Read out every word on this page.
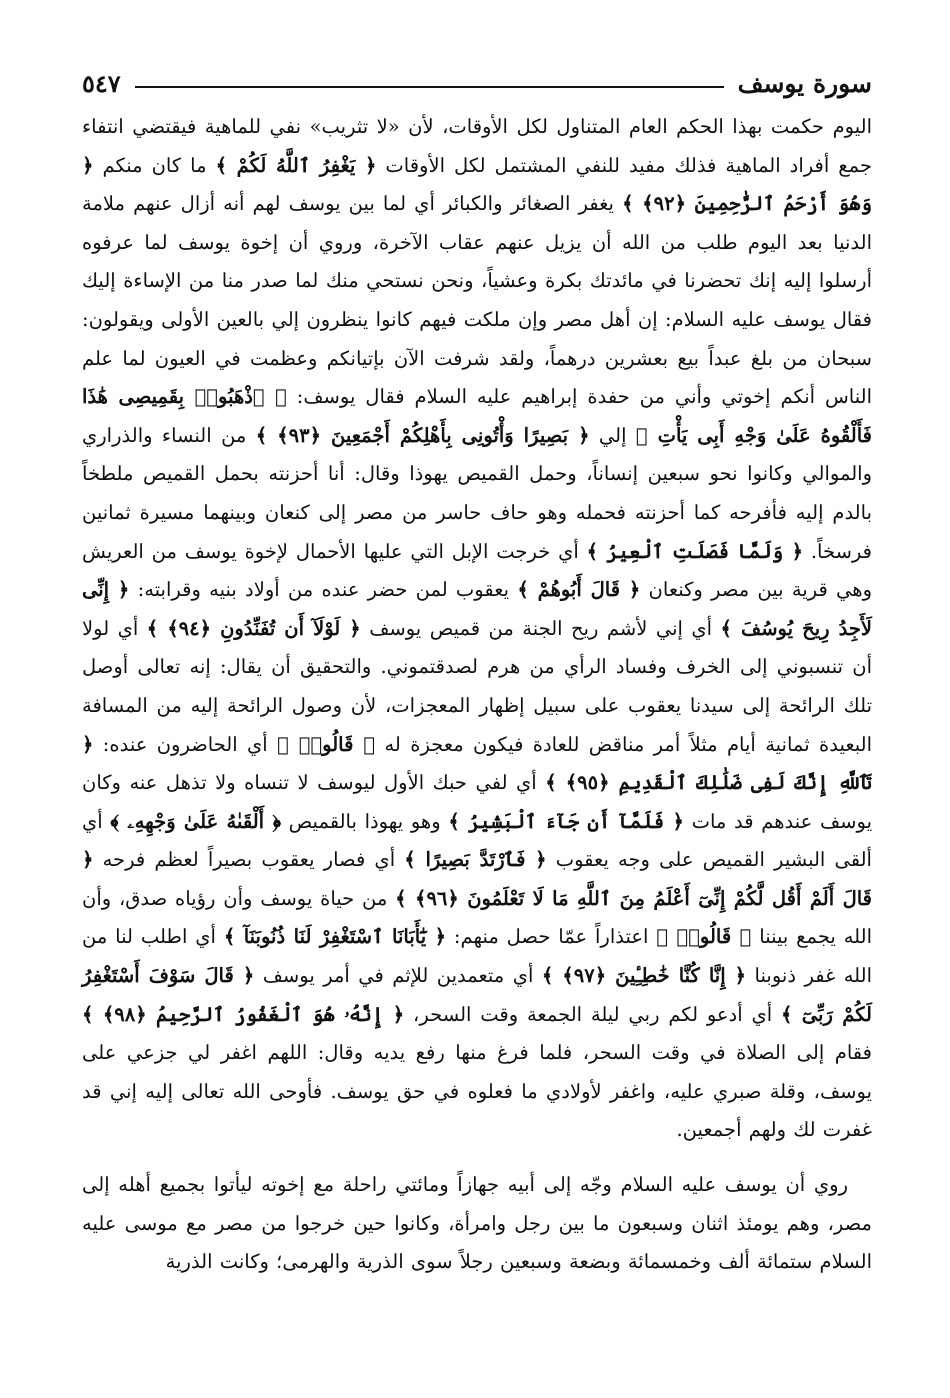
سورة يوسف
٥٤٧

اليوم حكمت بهذا الحكم العام المتناول لكل الأوقات، لأن «لا تثريب» نفي للماهية فيقتضي انتفاء جمع أفراد الماهية فذلك مفيد للنفي المشتمل لكل الأوقات ﴿ يَغْفِرُ ٱللَّهُ لَكُمْ ﴾ ما كان منكم ﴿ وَهُوَ أَرْحَمُ ٱلرَّٰحِمِينَ ﴿٩٢﴾ ﴾ يغفر الصغائر والكبائر أي لما بين يوسف لهم أنه أزال عنهم ملامة الدنيا بعد اليوم طلب من الله أن يزيل عنهم عقاب الآخرة، وروي أن إخوة يوسف لما عرفوه أرسلوا إليه إنك تحضرنا في مائدتك بكرة وعشياً، ونحن نستحي منك لما صدر منا من الإساءة إليك فقال يوسف عليه السلام: إن أهل مصر وإن ملكت فيهم كانوا ينظرون إلي بالعين الأولى ويقولون: سبحان من بلغ عبداً بيع بعشرين درهماً، ولقد شرفت الآن بإتيانكم وعظمت في العيون لما علم الناس أنكم إخوتي وأني من حفدة إبراهيم عليه السلام فقال يوسف: ﴿ ٱذْهَبُوا۟ بِقَمِيصِى هَٰذَا فَأَلْقُوهُ عَلَىٰ وَجْهِ أَبِى يَأْتِ ﴾ إلي ﴿ بَصِيرًا وَأْتُونِى بِأَهْلِكُمْ أَجْمَعِينَ ﴿٩٣﴾ ﴾ من النساء والذراري والموالي وكانوا نحو سبعين إنساناً، وحمل القميص يهوذا وقال: أنا أحزنته بحمل القميص ملطخاً بالدم إليه فأفرحه كما أحزنته فحمله وهو حاف حاسر من مصر إلى كنعان وبينهما مسيرة ثمانين فرسخاً. ﴿ وَلَمَّا فَصَلَتِ ٱلْعِيرُ ﴾ أي خرجت الإبل التي عليها الأحمال لإخوة يوسف من العريش وهي قرية بين مصر وكنعان ﴿ قَالَ أَبُوهُمْ ﴾ يعقوب لمن حضر عنده من أولاد بنيه وقرابته: ﴿ إِنِّى لَأَجِدُ رِيحَ يُوسُفَ ﴾ أي إني لأشم ريح الجنة من قميص يوسف ﴿ لَوْلَآ أَن تُفَنِّدُونِ ﴿٩٤﴾ ﴾ أي لولا أن تنسبوني إلى الخرف وفساد الرأي من هرم لصدقتموني. والتحقيق أن يقال: إنه تعالى أوصل تلك الرائحة إلى سيدنا يعقوب على سبيل إظهار المعجزات، لأن وصول الرائحة إليه من المسافة البعيدة ثمانية أيام مثلاً أمر مناقض للعادة فيكون معجزة له ﴿ قَالُوا۟ ﴾ أي الحاضرون عنده: ﴿ تَٱللَّهِ إِنَّكَ لَفِى ضَلَٰلِكَ ٱلْقَدِيمِ ﴿٩٥﴾ ﴾ أي لفي حبك الأول ليوسف لا تنساه ولا تذهل عنه وكان يوسف عندهم قد مات ﴿ فَلَمَّآ أَن جَآءَ ٱلْبَشِيرُ ﴾ وهو يهوذا بالقميص ﴿ أَلْقَىٰهُ عَلَىٰ وَجْهِهِۦ ﴾ أي ألقى البشير القميص على وجه يعقوب ﴿ فَٱرْتَدَّ بَصِيرًا ﴾ أي فصار يعقوب بصيراً لعظم فرحه ﴿ قَالَ أَلَمْ أَقُل لَّكُمْ إِنِّىٓ أَعْلَمُ مِنَ ٱللَّهِ مَا لَا تَعْلَمُونَ ﴿٩٦﴾ ﴾ من حياة يوسف وأن رؤياه صدق، وأن الله يجمع بيننا ﴿ قَالُوا۟ ﴾ اعتذاراً عمّا حصل منهم: ﴿ يَٰٓأَبَانَا ٱسْتَغْفِرْ لَنَا ذُنُوبَنَآ ﴾ أي اطلب لنا من الله غفر ذنوبنا ﴿ إِنَّا كُنَّا خَٰطِـِٔينَ ﴿٩٧﴾ ﴾ أي متعمدين للإثم في أمر يوسف ﴿ قَالَ سَوْفَ أَسْتَغْفِرُ لَكُمْ رَبِّىٓ ﴾ أي أدعو لكم ربي ليلة الجمعة وقت السحر، ﴿ إِنَّهُۥ هُوَ ٱلْغَفُورُ ٱلرَّحِيمُ ﴿٩٨﴾ ﴾ فقام إلى الصلاة في وقت السحر، فلما فرغ منها رفع يديه وقال: اللهم اغفر لي جزعي على يوسف، وقلة صبري عليه، واغفر لأولادي ما فعلوه في حق يوسف. فأوحى الله تعالى إليه إني قد غفرت لك ولهم أجمعين.

روي أن يوسف عليه السلام وجّه إلى أبيه جهازاً ومائتي راحلة مع إخوته ليأتوا بجميع أهله إلى مصر، وهم يومئذ اثنان وسبعون ما بين رجل وامرأة، وكانوا حين خرجوا من مصر مع موسى عليه السلام ستمائة ألف وخمسمائة وبضعة وسبعين رجلاً سوى الذرية والهرمى؛ وكانت الذرية
